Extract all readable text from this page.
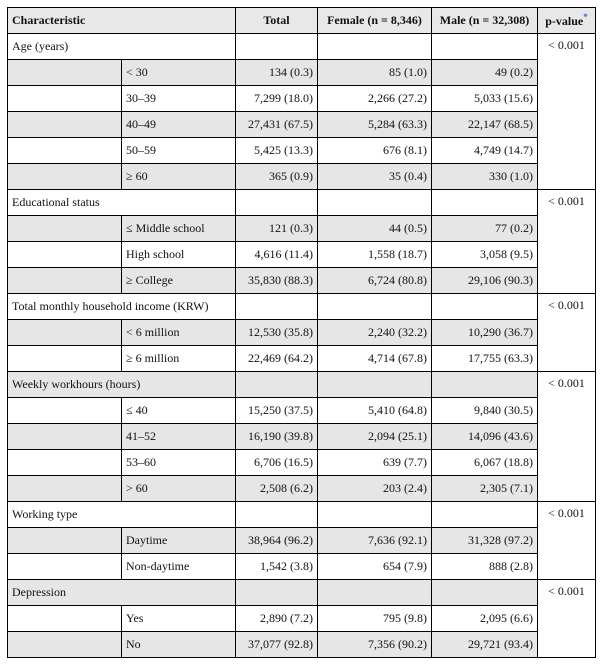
Characteristic		Total	Female (n = 8,346)	Male (n = 32,308)	p-value*
Age (years)					< 0.001
	< 30	134 (0.3)	85 (1.0)	49 (0.2)	
	30–39	7,299 (18.0)	2,266 (27.2)	5,033 (15.6)	
	40–49	27,431 (67.5)	5,284 (63.3)	22,147 (68.5)	
	50–59	5,425 (13.3)	676 (8.1)	4,749 (14.7)	
	≥ 60	365 (0.9)	35 (0.4)	330 (1.0)	
Educational status					< 0.001
	≤ Middle school	121 (0.3)	44 (0.5)	77 (0.2)	
	High school	4,616 (11.4)	1,558 (18.7)	3,058 (9.5)	
	≥ College	35,830 (88.3)	6,724 (80.8)	29,106 (90.3)	
Total monthly household income (KRW)					< 0.001
	< 6 million	12,530 (35.8)	2,240 (32.2)	10,290 (36.7)	
	≥ 6 million	22,469 (64.2)	4,714 (67.8)	17,755 (63.3)	
Weekly workhours (hours)					< 0.001
	≤ 40	15,250 (37.5)	5,410 (64.8)	9,840 (30.5)	
	41–52	16,190 (39.8)	2,094 (25.1)	14,096 (43.6)	
	53–60	6,706 (16.5)	639 (7.7)	6,067 (18.8)	
	> 60	2,508 (6.2)	203 (2.4)	2,305 (7.1)	
Working type					< 0.001
	Daytime	38,964 (96.2)	7,636 (92.1)	31,328 (97.2)	
	Non-daytime	1,542 (3.8)	654 (7.9)	888 (2.8)	
Depression					< 0.001
	Yes	2,890 (7.2)	795 (9.8)	2,095 (6.6)	
	No	37,077 (92.8)	7,356 (90.2)	29,721 (93.4)	
